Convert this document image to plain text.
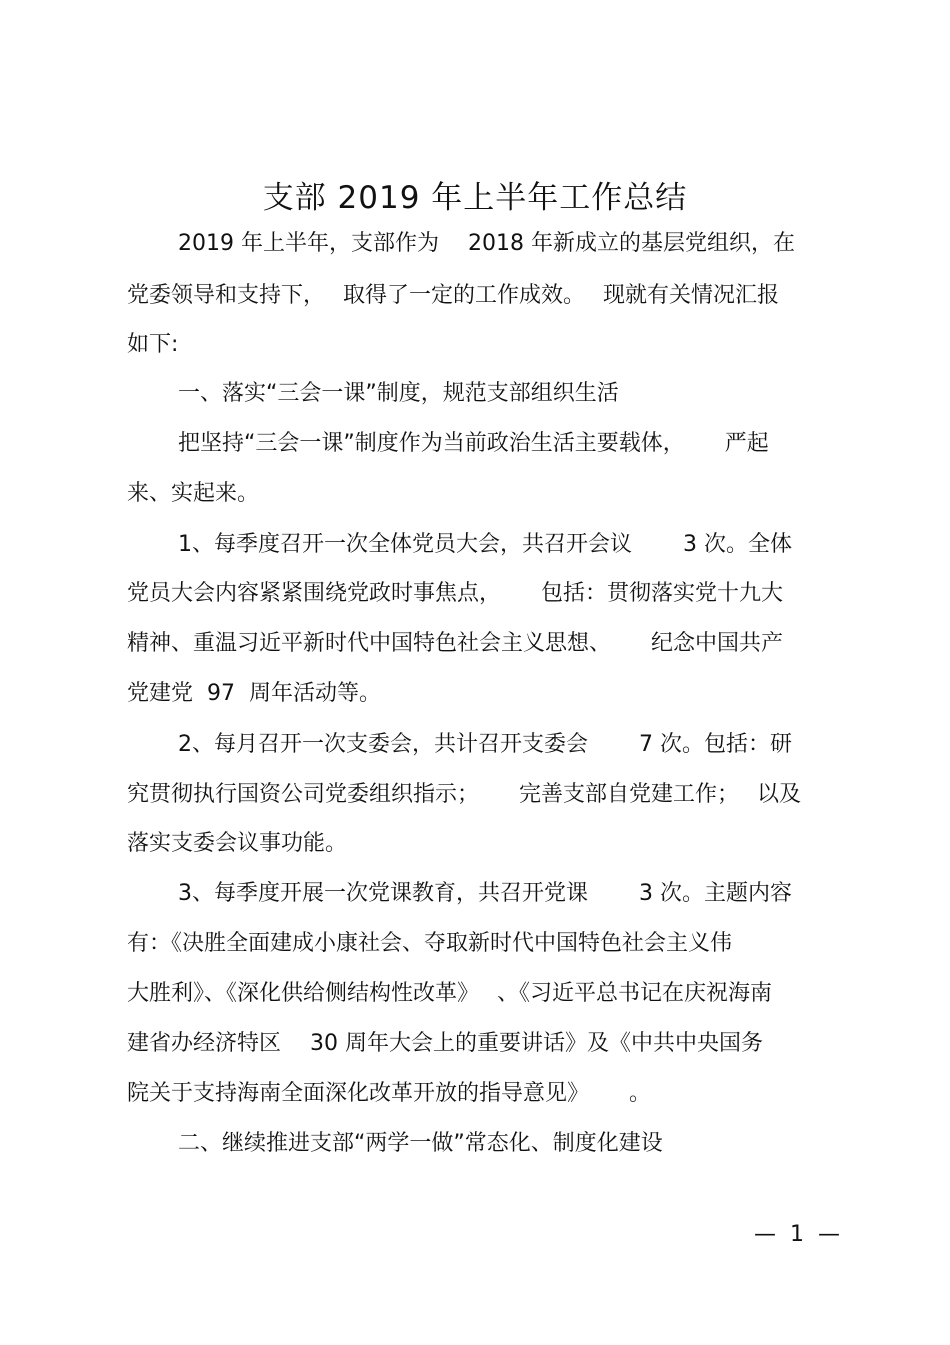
支部 2019 年上半年工作总结
2019 年上半年，支部作为　 2018 年新成立的基层党组织，在
党委领导和支持下，　 取得了一定的工作成效。　 现就有关情况汇报
如下:
一、落实“三会一课”制度，规范支部组织生活
把坚持“三会一课”制度作为当前政治生活主要载体，　　 严起
来、实起来。
1、每季度召开一次全体党员大会，共召开会议　　 3 次。全体
党员大会内容紧紧围绕党政时事焦点，　　 包括：贯彻落实党十九大
精神、重温习近平新时代中国特色社会主义思想、　　 纪念中国共产
党建党  97  周年活动等。
2、每月召开一次支委会，共计召开支委会　　 7 次。包括：研
究贯彻执行国资公司党委组织指示；　　 完善支部自党建工作；　 以及
落实支委会议事功能。
3、每季度开展一次党课教育，共召开党课　　 3 次。主题内容
有：《决胜全面建成小康社会、夺取新时代中国特色社会主义伟
大胜利》、《深化供给侧结构性改革》　 、《习近平总书记在庆祝海南
建省办经济特区　 30 周年大会上的重要讲话》及《中共中央国务
院关于支持海南全面深化改革开放的指导意见》　　 。
二、继续推进支部“两学一做”常态化、制度化建设
—  1  —
